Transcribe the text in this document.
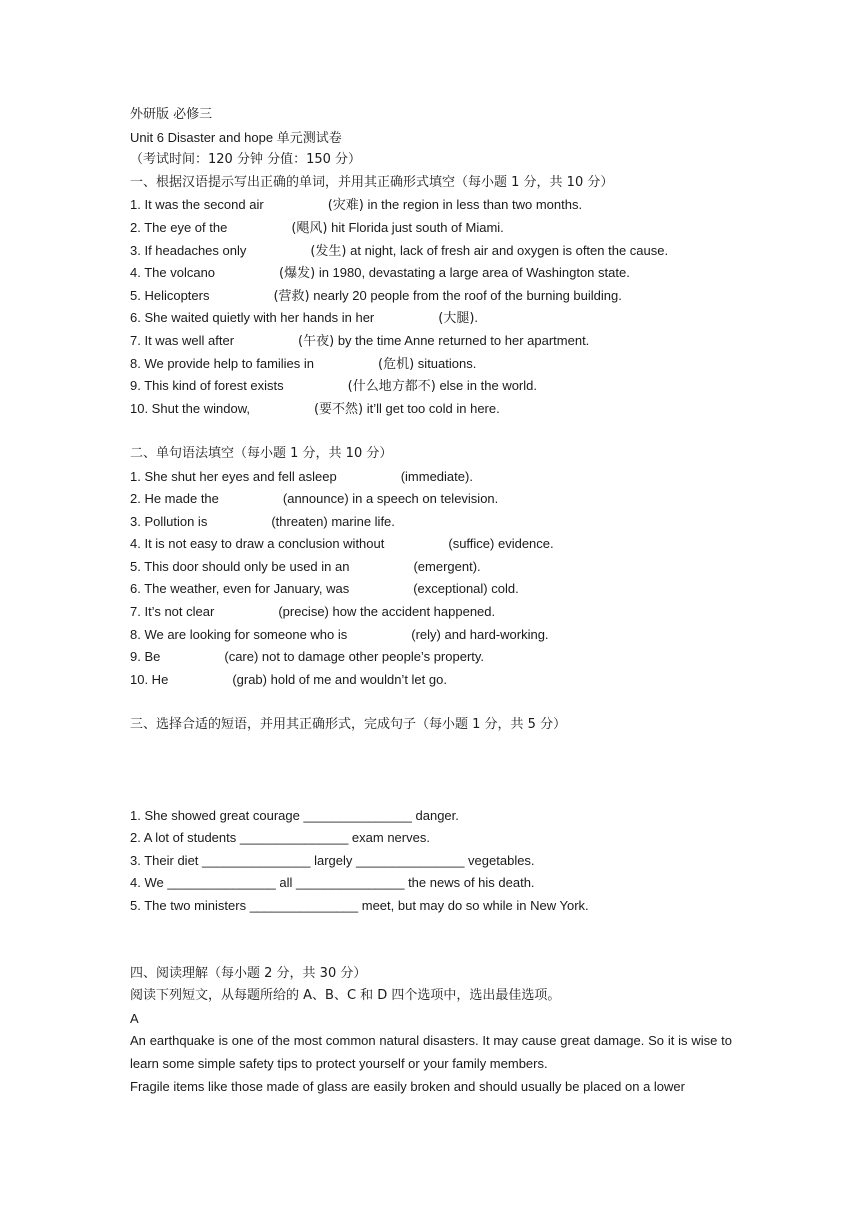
外研版 必修三
Unit 6 Disaster and hope 单元测试卷
（考试时间：120 分钟 分值：150 分）
一、根据汉语提示写出正确的单词，并用其正确形式填空（每小题 1 分，共 10 分）
1. It was the second air	(灾难) in the region in less than two months.
2. The eye of the	(飓风) hit Florida just south of Miami.
3. If headaches only	(发生) at night, lack of fresh air and oxygen is often the cause.
4. The volcano	(爆发) in 1980, devastating a large area of Washington state.
5. Helicopters	(营救) nearly 20 people from the roof of the burning building.
6. She waited quietly with her hands in her	(大腿).
7. It was well after	(午夜) by the time Anne returned to her apartment.
8. We provide help to families in	(危机) situations.
9. This kind of forest exists	(什么地方都不) else in the world.
10. Shut the window,	(要不然) it’ll get too cold in here.
二、单句语法填空（每小题 1 分，共 10 分）
1. She shut her eyes and fell asleep	(immediate).
2. He made the	(announce) in a speech on television.
3. Pollution is	(threaten) marine life.
4. It is not easy to draw a conclusion without	(suffice) evidence.
5. This door should only be used in an	(emergent).
6. The weather, even for January, was	(exceptional) cold.
7. It’s not clear	(precise) how the accident happened.
8. We are looking for someone who is	(rely) and hard-working.
9. Be	(care) not to damage other people’s property.
10. He	(grab) hold of me and wouldn’t let go.
三、选择合适的短语，并用其正确形式，完成句子（每小题 1 分，共 5 分）
1. She showed great courage _______________ danger.
2. A lot of students _______________ exam nerves.
3. Their diet _______________ largely _______________ vegetables.
4. We _______________ all _______________ the news of his death.
5. The two ministers _______________ meet, but may do so while in New York.
四、阅读理解（每小题 2 分，共 30 分）
阅读下列短文，从每题所给的 A、B、C 和 D 四个选项中，选出最佳选项。
A
An earthquake is one of the most common natural disasters. It may cause great damage. So it is wise to learn some simple safety tips to protect yourself or your family members.
Fragile items like those made of glass are easily broken and should usually be placed on a lower
